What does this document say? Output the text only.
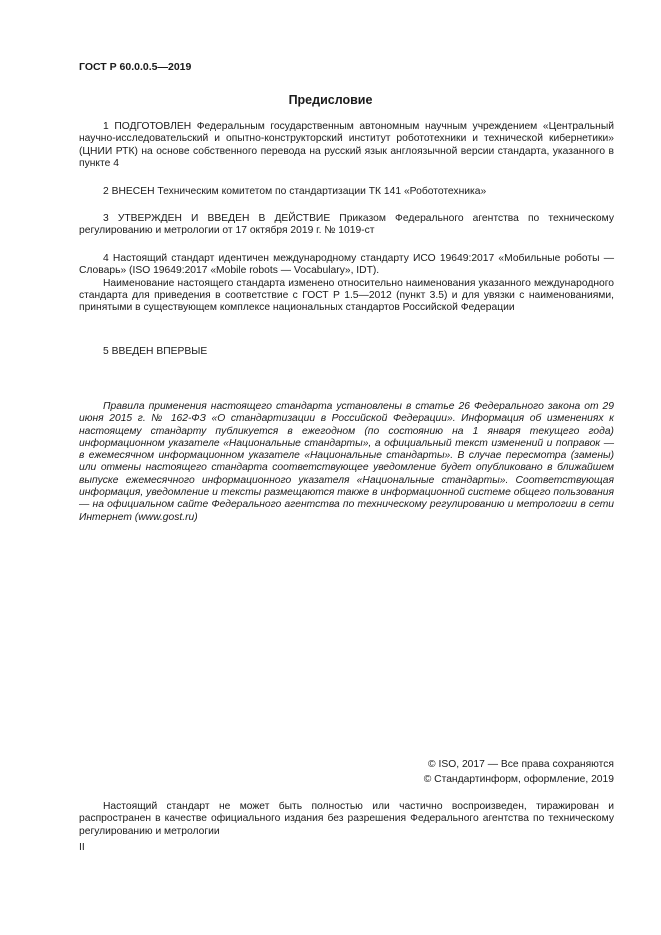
ГОСТ Р 60.0.0.5—2019
Предисловие

1 ПОДГОТОВЛЕН Федеральным государственным автономным научным учреждением «Центральный научно-исследовательский и опытно-конструкторский институт робототехники и технической кибернетики» (ЦНИИ РТК) на основе собственного перевода на русский язык англоязычной версии стандарта, указанного в пункте 4

2 ВНЕСЕН Техническим комитетом по стандартизации ТК 141 «Робототехника»

3 УТВЕРЖДЕН И ВВЕДЕН В ДЕЙСТВИЕ Приказом Федерального агентства по техническому регулированию и метрологии от 17 октября 2019 г. № 1019-ст

4 Настоящий стандарт идентичен международному стандарту ИСО 19649:2017 «Мобильные роботы — Словарь» (ISO 19649:2017 «Mobile robots — Vocabulary», IDT).

Наименование настоящего стандарта изменено относительно наименования указанного международного стандарта для приведения в соответствие с ГОСТ Р 1.5—2012 (пункт 3.5) и для увязки с наименованиями, принятыми в существующем комплексе национальных стандартов Российской Федерации

5 ВВЕДЕН ВПЕРВЫЕ

Правила применения настоящего стандарта установлены в статье 26 Федерального закона от 29 июня 2015 г. № 162-ФЗ «О стандартизации в Российской Федерации». Информация об изменениях к настоящему стандарту публикуется в ежегодном (по состоянию на 1 января текущего года) информационном указателе «Национальные стандарты», а официальный текст изменений и поправок — в ежемесячном информационном указателе «Национальные стандарты». В случае пересмотра (замены) или отмены настоящего стандарта соответствующее уведомление будет опубликовано в ближайшем выпуске ежемесячного информационного указателя «Национальные стандарты». Соответствующая информация, уведомление и тексты размещаются также в информационной системе общего пользования — на официальном сайте Федерального агентства по техническому регулированию и метрологии в сети Интернет (www.gost.ru)

© ISO, 2017 — Все права сохраняются
© Стандартинформ, оформление, 2019

Настоящий стандарт не может быть полностью или частично воспроизведен, тиражирован и распространен в качестве официального издания без разрешения Федерального агентства по техническому регулированию и метрологии

II
